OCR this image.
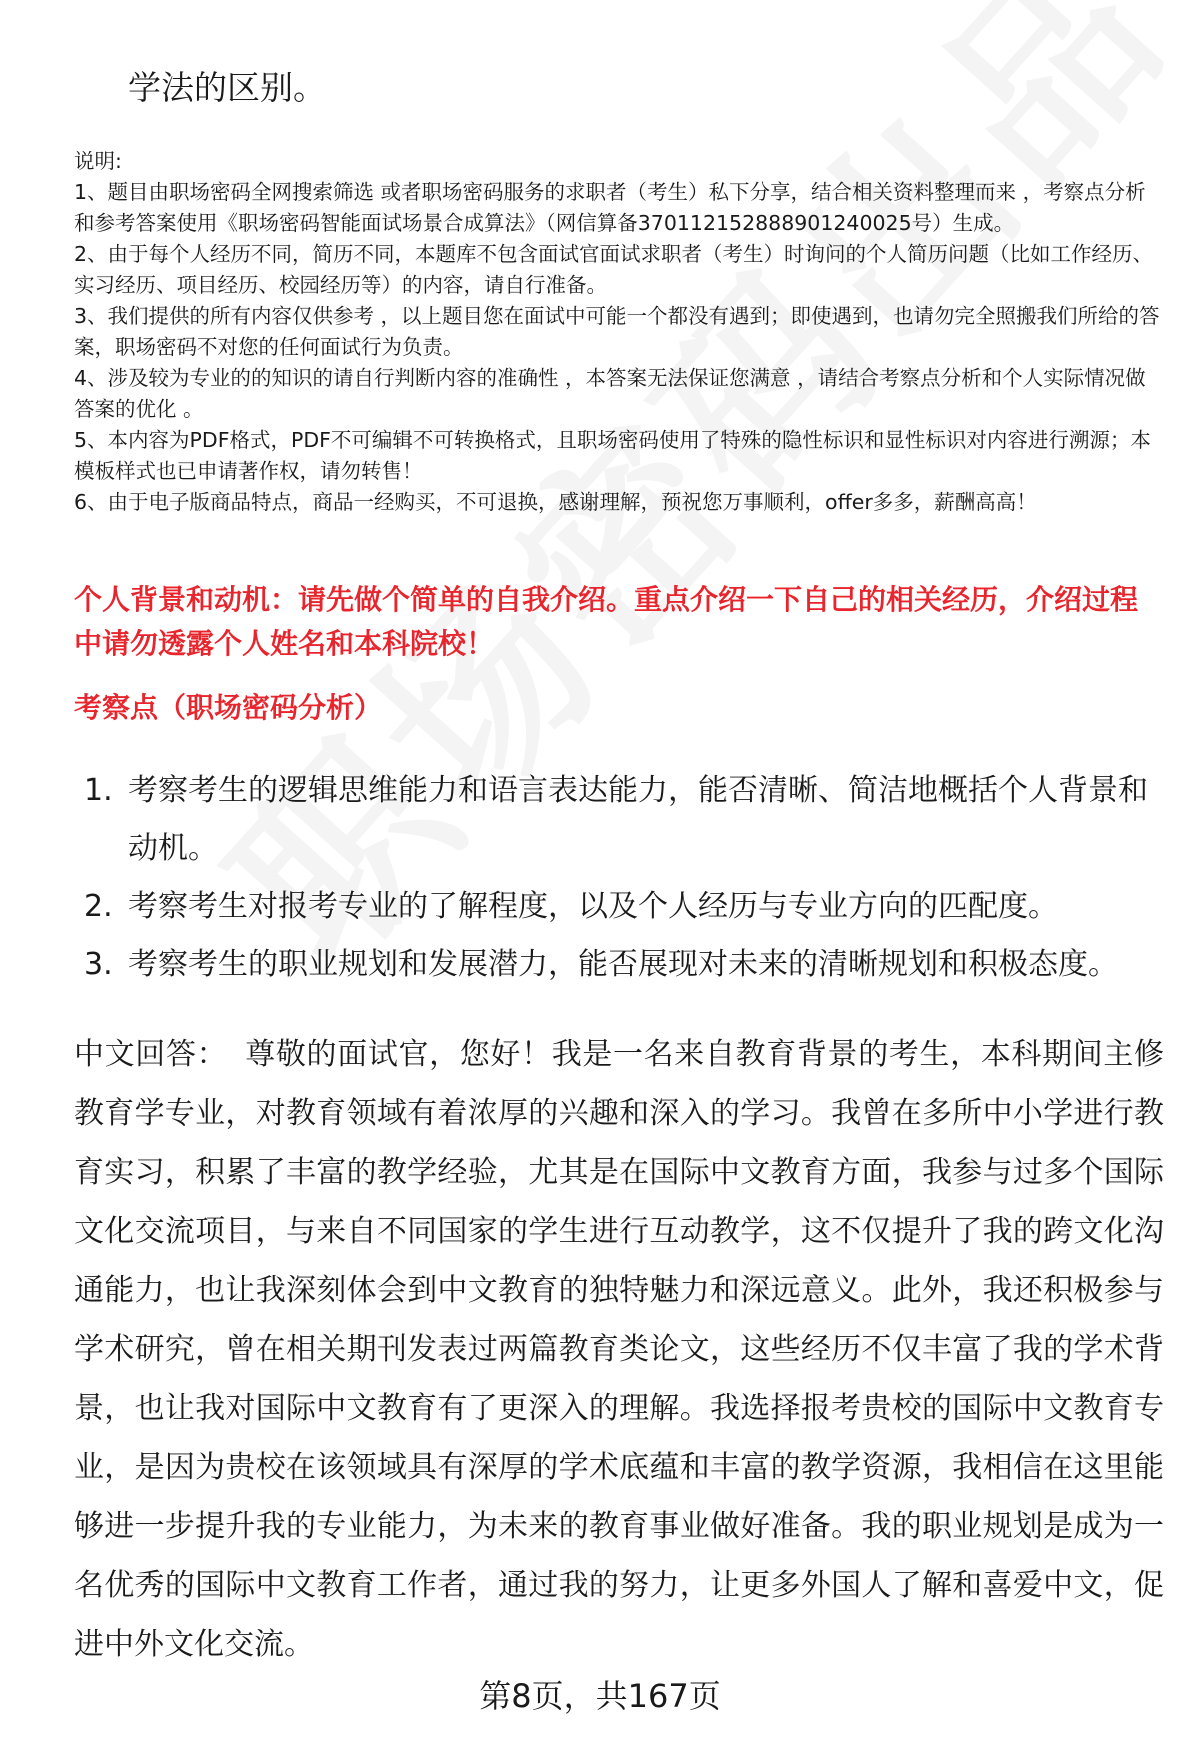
学法的区别。

说明:

1、题目由职场密码全网搜索筛选 或者职场密码服务的求职者（考生）私下分享，结合相关资料整理而来 ，考察点分析和参考答案使用《职场密码智能面试场景合成算法》（网信算备370112152888901240025号）生成。

2、由于每个人经历不同，简历不同，本题库不包含面试官面试求职者（考生）时询问的个人简历问题（比如工作经历、实习经历、项目经历、校园经历等）的内容，请自行准备。

3、我们提供的所有内容仅供参考 ，以上题目您在面试中可能一个都没有遇到；即使遇到，也请勿完全照搬我们所给的答案，职场密码不对您的任何面试行为负责。

4、涉及较为专业的的知识的请自行判断内容的准确性 ，本答案无法保证您满意 ，请结合考察点分析和个人实际情况做答案的优化 。

5、本内容为PDF格式，PDF不可编辑不可转换格式，且职场密码使用了特殊的隐性标识和显性标识对内容进行溯源；本模板样式也已申请著作权，请勿转售！

6、由于电子版商品特点，商品一经购买，不可退换，感谢理解，预祝您万事顺利，offer多多，薪酬高高！

个人背景和动机：请先做个简单的自我介绍。重点介绍一下自己的相关经历，介绍过程中请勿透露个人姓名和本科院校！
考察点（职场密码分析）
1. 考察考生的逻辑思维能力和语言表达能力，能否清晰、简洁地概括个人背景和动机。
2. 考察考生对报考专业的了解程度，以及个人经历与专业方向的匹配度。
3. 考察考生的职业规划和发展潜力，能否展现对未来的清晰规划和积极态度。
中文回答： 尊敬的面试官，您好！我是一名来自教育背景的考生，本科期间主修教育学专业，对教育领域有着浓厚的兴趣和深入的学习。我曾在多所中小学进行教育实习，积累了丰富的教学经验，尤其是在国际中文教育方面，我参与过多个国际文化交流项目，与来自不同国家的学生进行互动教学，这不仅提升了我的跨文化沟通能力，也让我深刻体会到中文教育的独特魅力和深远意义。此外，我还积极参与学术研究，曾在相关期刊发表过两篇教育类论文，这些经历不仅丰富了我的学术背景，也让我对国际中文教育有了更深入的理解。我选择报考贵校的国际中文教育专业，是因为贵校在该领域具有深厚的学术底蕴和丰富的教学资源，我相信在这里能够进一步提升我的专业能力，为未来的教育事业做好准备。我的职业规划是成为一名优秀的国际中文教育工作者，通过我的努力，让更多外国人了解和喜爱中文，促进中外文化交流。
第8页，共167页
